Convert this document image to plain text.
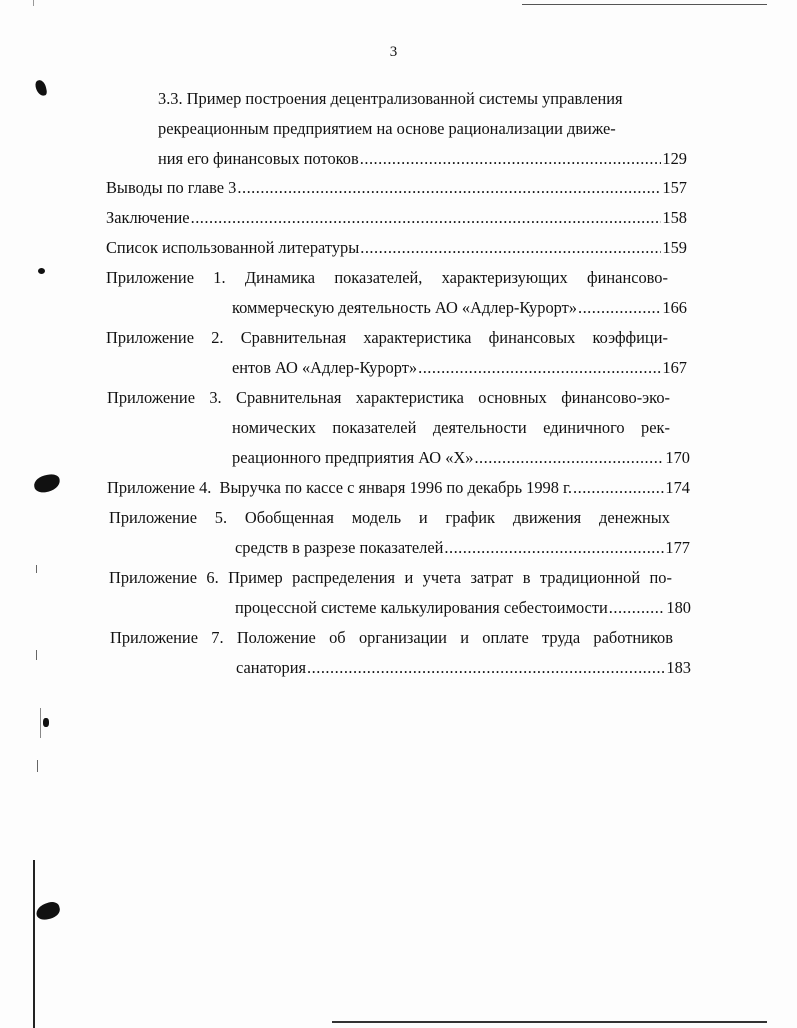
3
3.3. Пример построения децентрализованной системы управления
рекреационным предприятием на основе рационализации движе-
ния его финансовых потоков .....	129
Выводы по главе 3 .....	157
Заключение .....	158
Список использованной литературы .....	159
Приложение 1. Динамика показателей, характеризующих финансово-
коммерческую деятельность АО «Адлер-Курорт» .....	166
Приложение 2. Сравнительная характеристика финансовых коэффици-
ентов АО «Адлер-Курорт» .....	167
Приложение 3. Сравнительная характеристика основных финансово-эко-
номических показателей деятельности единичного рек-
реационного предприятия АО «Х» .....	170
Приложение 4.  Выручка по кассе с января 1996 по декабрь 1998 г. .....	174
Приложение 5. Обобщенная модель и график движения денежных
средств в разрезе показателей .....	177
Приложение 6. Пример распределения и учета затрат в традиционной по-
процессной системе калькулирования себестоимости .....	180
Приложение 7. Положение об организации и оплате труда работников
санатория .....	183
